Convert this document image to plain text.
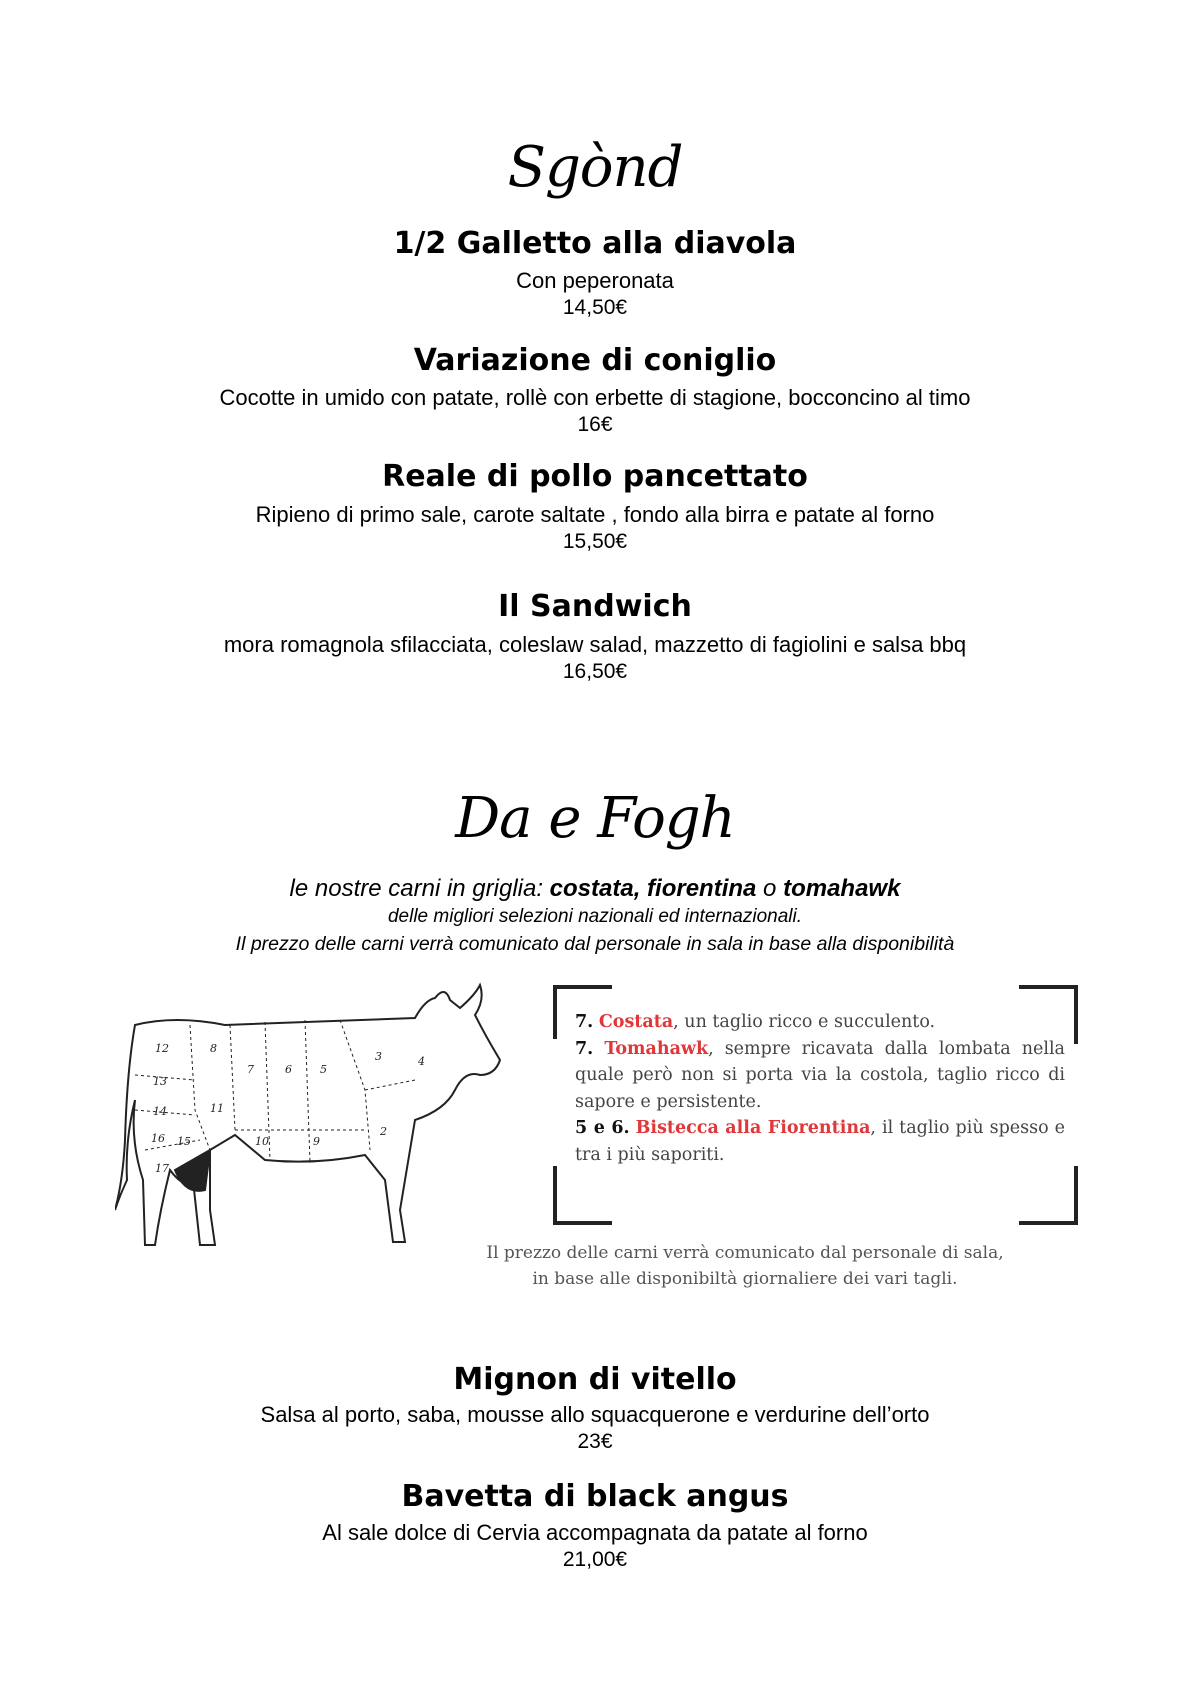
Sgònd
1/2 Galletto alla diavola
Con peperonata
14,50€
Variazione di coniglio
Cocotte in umido con patate, rollè con erbette di stagione, bocconcino al timo
16€
Reale di pollo pancettato
Ripieno di primo sale, carote saltate , fondo alla birra e patate al forno
15,50€
Il Sandwich
mora romagnola sfilacciata, coleslaw salad, mazzetto di fagiolini e salsa bbq
16,50€
Da e Fogh
le nostre carni in griglia: costata, fiorentina o tomahawk
delle migliori selezioni nazionali ed internazionali.
Il prezzo delle carni verrà comunicato dal personale in sala in base alla disponibilità
12	8
7	6	5
3	4
13
14	11
16 15	10	9
2
17
7. Costata, un taglio ricco e succulento.
7. Tomahawk, sempre ricavata dalla lombata nella quale però non si porta via la costola, taglio ricco di sapore e persistente.
5 e 6. Bistecca alla Fiorentina, il taglio più spesso e tra i più saporiti.
Il prezzo delle carni verrà comunicato dal personale di sala,
in base alle disponibiltà giornaliere dei vari tagli.
Mignon di vitello
Salsa al porto, saba, mousse allo squacquerone e verdurine dell’orto
23€
Bavetta di black angus
Al sale dolce di Cervia accompagnata da patate al forno
21,00€
